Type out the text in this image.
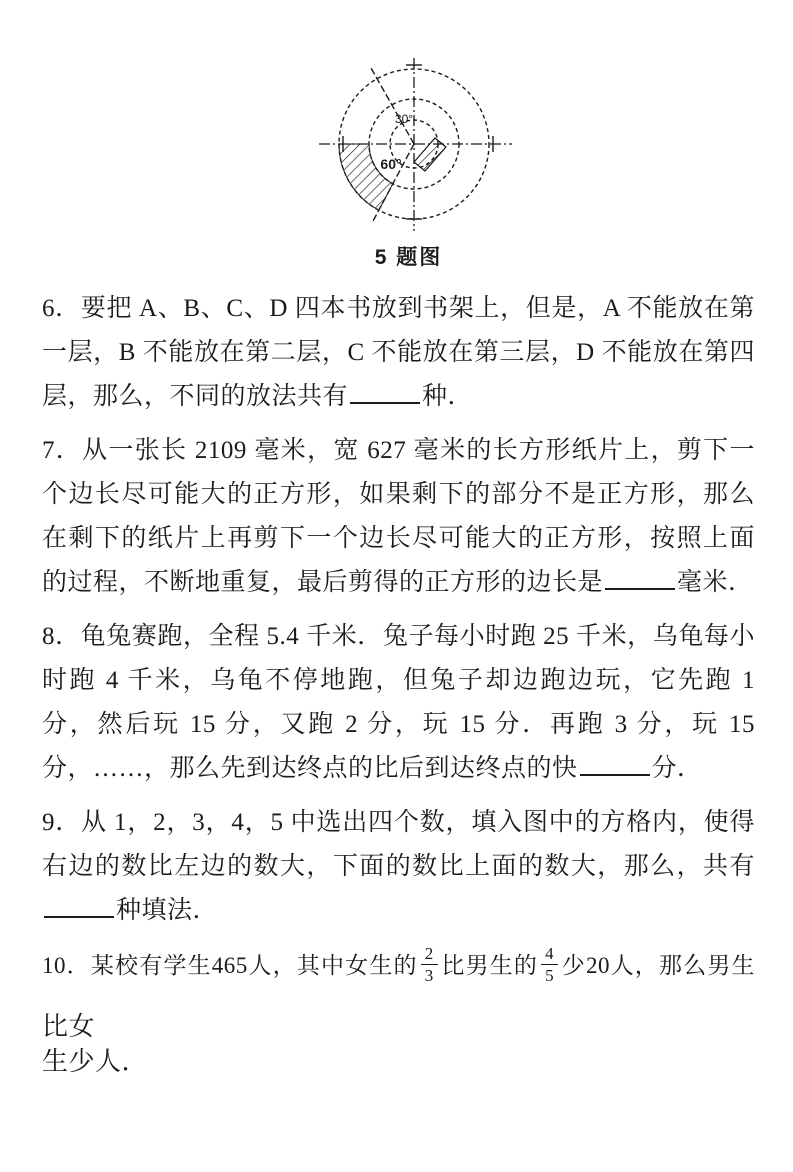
30°
60°
5 题图

6．要把 A、B、C、D 四本书放到书架上，但是，A 不能放在第一层，B 不能放在第二层，C 不能放在第三层，D 不能放在第四层，那么，不同的放法共有	种．

7．从一张长 2109 毫米，宽 627 毫米的长方形纸片上，剪下一个边长尽可能大的正方形，如果剩下的部分不是正方形，那么在剩下的纸片上再剪下一个边长尽可能大的正方形，按照上面的过程，不断地重复，最后剪得的正方形的边长是	毫米．

8．龟兔赛跑，全程 5.4 千米．兔子每小时跑 25 千米，乌龟每小时跑 4 千米，乌龟不停地跑，但兔子却边跑边玩，它先跑 1 分，然后玩 15 分，又跑 2 分，玩 15 分．再跑 3 分，玩 15 分，……，那么先到达终点的比后到达终点的快	分．

9．从 1，2，3，4，5 中选出四个数，填入图中的方格内，使得右边的数比左边的数大，下面的数比上面的数大，那么，共有种填法．

10．某校有学生465人，其中女生的 $\frac{2}{3}$ 比男生的 $\frac{4}{5}$ 少20人，那么男生比女
生少人．
